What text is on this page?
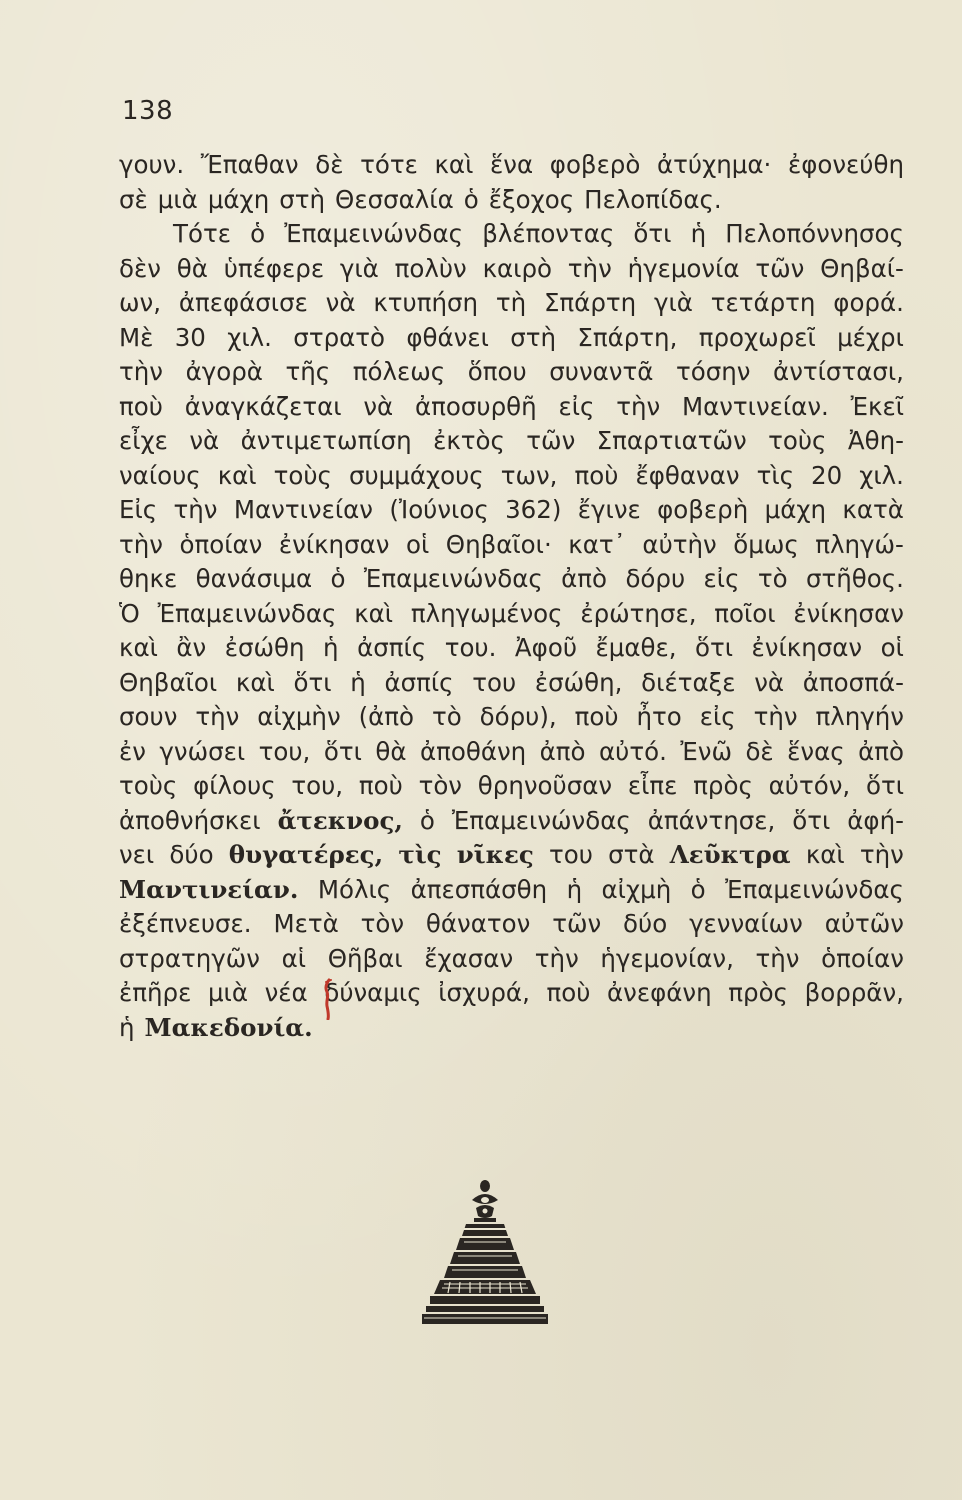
138
γουν. Ἔπαθαν δὲ τότε καὶ ἕνα φοβερὸ ἀτύχημα· ἐφονεύθη
σὲ μιὰ μάχη στὴ Θεσσαλία ὁ ἔξοχος Πελοπίδας.
Τότε ὁ Ἐπαμεινώνδας βλέποντας ὅτι ἡ Πελοπόννησος
δὲν θὰ ὑπέφερε γιὰ πολὺν καιρὸ τὴν ἡγεμονία τῶν Θηβαί-
ων, ἀπεφάσισε νὰ κτυπήση τὴ Σπάρτη γιὰ τετάρτη φορά.
Μὲ 30 χιλ. στρατὸ φθάνει στὴ Σπάρτη, προχωρεῖ μέχρι
τὴν ἀγορὰ τῆς πόλεως ὅπου συναντᾶ τόσην ἀντίστασι,
ποὺ ἀναγκάζεται νὰ ἀποσυρθῆ εἰς τὴν Μαντινείαν. Ἐκεῖ
εἶχε νὰ ἀντιμετωπίση ἐκτὸς τῶν Σπαρτιατῶν τοὺς Ἀθη-
ναίους καὶ τοὺς συμμάχους των, ποὺ ἔφθαναν τὶς 20 χιλ.
Εἰς τὴν Μαντινείαν (Ἰούνιος 362) ἔγινε φοβερὴ μάχη κατὰ
τὴν ὁποίαν ἐνίκησαν οἱ Θηβαῖοι· κατ᾽ αὐτὴν ὅμως πληγώ-
θηκε θανάσιμα ὁ Ἐπαμεινώνδας ἀπὸ δόρυ εἰς τὸ στῆθος.
Ὁ Ἐπαμεινώνδας καὶ πληγωμένος ἐρώτησε, ποῖοι ἐνίκησαν
καὶ ἂν ἐσώθη ἡ ἀσπίς του. Ἀφοῦ ἔμαθε, ὅτι ἐνίκησαν οἱ
Θηβαῖοι καὶ ὅτι ἡ ἀσπίς του ἐσώθη, διέταξε νὰ ἀποσπά-
σουν τὴν αἰχμὴν (ἀπὸ τὸ δόρυ), ποὺ ἦτο εἰς τὴν πληγήν
ἐν γνώσει του, ὅτι θὰ ἀποθάνη ἀπὸ αὐτό. Ἐνῶ δὲ ἕνας ἀπὸ
τοὺς φίλους του, ποὺ τὸν θρηνοῦσαν εἶπε πρὸς αὐτόν, ὅτι
ἀποθνήσκει ἄτεκνος, ὁ Ἐπαμεινώνδας ἀπάντησε, ὅτι ἀφή-
νει δύο θυγατέρες, τὶς νῖκες του στὰ Λεῦκτρα καὶ τὴν
Μαντινείαν. Μόλις ἀπεσπάσθη ἡ αἰχμὴ ὁ Ἐπαμεινώνδας
ἐξέπνευσε. Μετὰ τὸν θάνατον τῶν δύο γενναίων αὐτῶν
στρατηγῶν αἱ Θῆβαι ἔχασαν τὴν ἡγεμονίαν, τὴν ὁποίαν
ἐπῆρε μιὰ νέα δύναμις ἰσχυρά, ποὺ ἀνεφάνη πρὸς βορρᾶν,
ἡ Μακεδονία.
